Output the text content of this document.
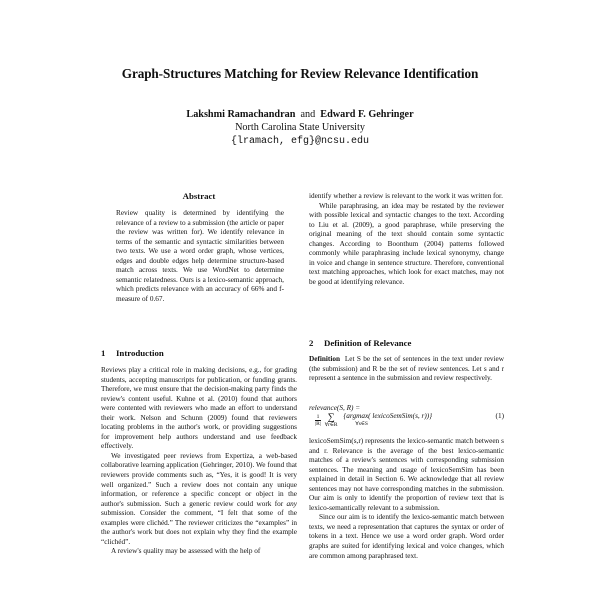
Graph-Structures Matching for Review Relevance Identification
Lakshmi Ramachandran and Edward F. Gehringer
North Carolina State University
{lramach, efg}@ncsu.edu
Abstract

Review quality is determined by identifying the relevance of a review to a submission (the article or paper the review was written for). We identify relevance in terms of the semantic and syntactic similarities between two texts. We use a word order graph, whose vertices, edges and double edges help determine structure-based match across texts. We use WordNet to determine semantic relatedness. Ours is a lexico-semantic approach, which predicts relevance with an accuracy of 66% and f-measure of 0.67.

1 Introduction

Reviews play a critical role in making decisions, e.g., for grading students, accepting manuscripts for publication, or funding grants. Therefore, we must ensure that the decision-making party finds the review's content useful. Kuhne et al. (2010) found that authors were contented with reviewers who made an effort to understand their work. Nelson and Schunn (2009) found that reviewers locating problems in the author's work, or providing suggestions for improvement help authors understand and use feedback effectively.

We investigated peer reviews from Expertiza, a web-based collaborative learning application (Gehringer, 2010). We found that reviewers provide comments such as, “Yes, it is good! It is very well organized.” Such a review does not contain any unique information, or reference a specific concept or object in the author's submission. Such a generic review could work for any submission. Consider the comment, “I felt that some of the examples were clichéd.” The reviewer criticizes the “examples” in the author's work but does not explain why they find the example “clichéd”.

A review's quality may be assessed with the help of

identify whether a review is relevant to the work it was written for.

While paraphrasing, an idea may be restated by the reviewer with possible lexical and syntactic changes to the text. According to Liu et al. (2009), a good paraphrase, while preserving the original meaning of the text should contain some syntactic changes. According to Boonthum (2004) patterns followed commonly while paraphrasing include lexical synonymy, change in voice and change in sentence structure. Therefore, conventional text matching approaches, which look for exact matches, may not be good at identifying relevance.

2 Definition of Relevance

Definition Let S be the set of sentences in the text under review (the submission) and R be the set of review sentences. Let s and r represent a sentence in the submission and review respectively.

relevance(S, R) =
$\frac{1}{|R|}$
∑
∀r∈R

{argmax( lexicoSemSim(s, r))}
∀s∈S
(1)

lexicoSemSim(s,r) represents the lexico-semantic match between s and r. Relevance is the average of the best lexico-semantic matches of a review's sentences with corresponding submission sentences. The meaning and usage of lexicoSemSim has been explained in detail in Section 6. We acknowledge that all review sentences may not have corresponding matches in the submission. Our aim is only to identify the proportion of review text that is lexico-semantically relevant to a submission.

Since our aim is to identify the lexico-semantic match between texts, we need a representation that captures the syntax or order of tokens in a text. Hence we use a word order graph. Word order graphs are suited for identifying lexical and voice changes, which are common among paraphrased text.
